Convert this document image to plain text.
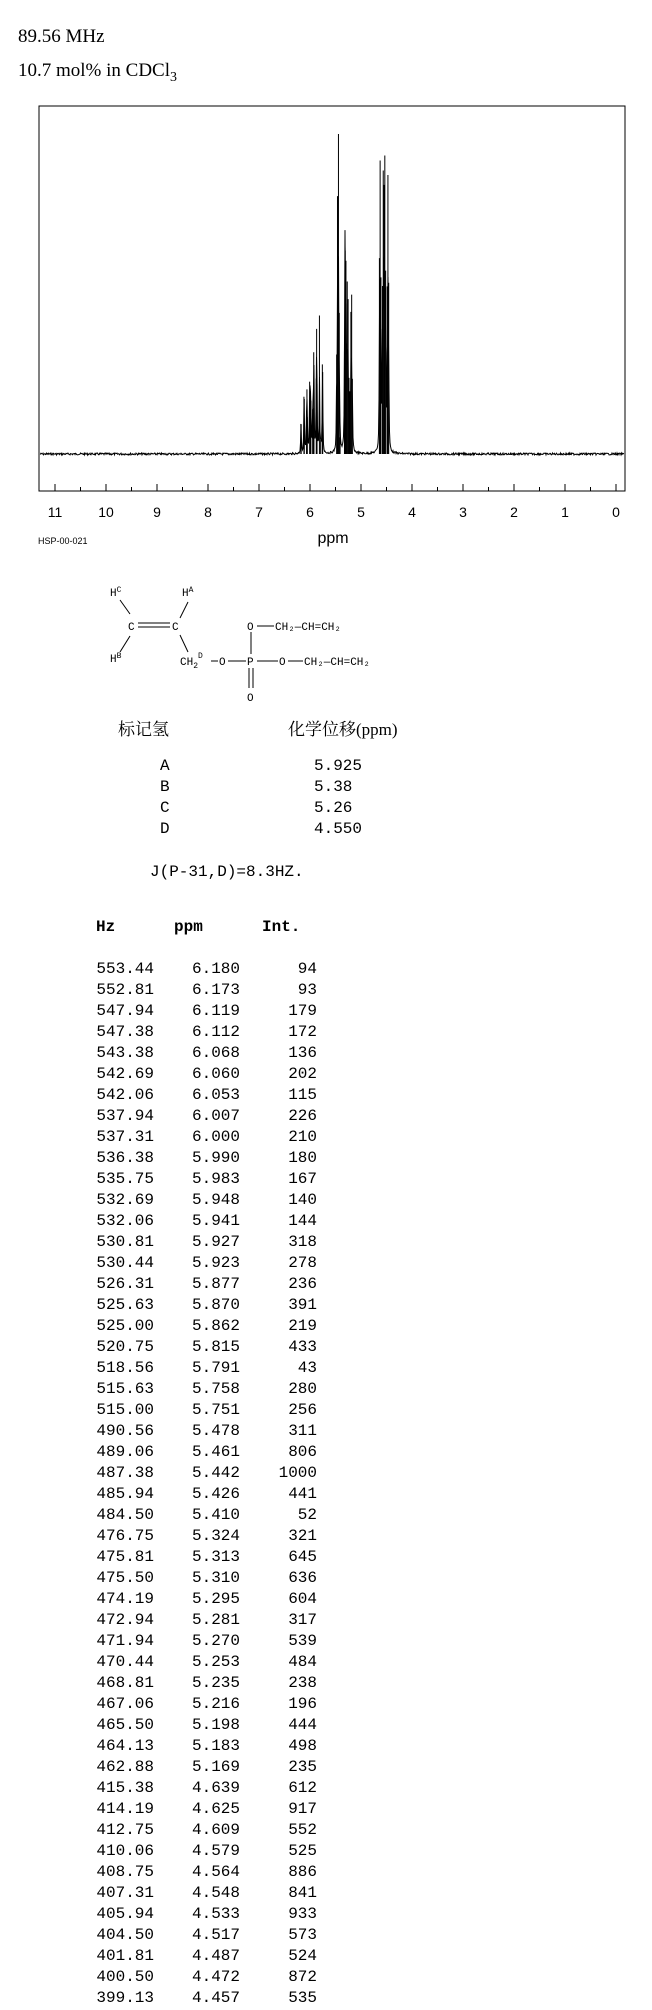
89.56 MHz
10.7 mol% in CDCl$_3$
11	10	9	8	7	6	5	4	3	2	1	0
ppm
HSP-00-021
$H^C$	$H^A$
$H^B$
C	C
$CH_2^D$
O P
O CH₂—CH=CH₂
O
O CH₂—CH=CH₂
标记氢	化学位移(ppm)
A	5.925
B	5.38
C	5.26
D	4.550
J(P-31,D)=8.3HZ.
Hz	ppm	Int.
553.44	6.180	94
552.81	6.173	93
547.94	6.119	179
547.38	6.112	172
543.38	6.068	136
542.69	6.060	202
542.06	6.053	115
537.94	6.007	226
537.31	6.000	210
536.38	5.990	180
535.75	5.983	167
532.69	5.948	140
532.06	5.941	144
530.81	5.927	318
530.44	5.923	278
526.31	5.877	236
525.63	5.870	391
525.00	5.862	219
520.75	5.815	433
518.56	5.791	43
515.63	5.758	280
515.00	5.751	256
490.56	5.478	311
489.06	5.461	806
487.38	5.442	1000
485.94	5.426	441
484.50	5.410	52
476.75	5.324	321
475.81	5.313	645
475.50	5.310	636
474.19	5.295	604
472.94	5.281	317
471.94	5.270	539
470.44	5.253	484
468.81	5.235	238
467.06	5.216	196
465.50	5.198	444
464.13	5.183	498
462.88	5.169	235
415.38	4.639	612
414.19	4.625	917
412.75	4.609	552
410.06	4.579	525
408.75	4.564	886
407.31	4.548	841
405.94	4.533	933
404.50	4.517	573
401.81	4.487	524
400.50	4.472	872
399.13	4.457	535
